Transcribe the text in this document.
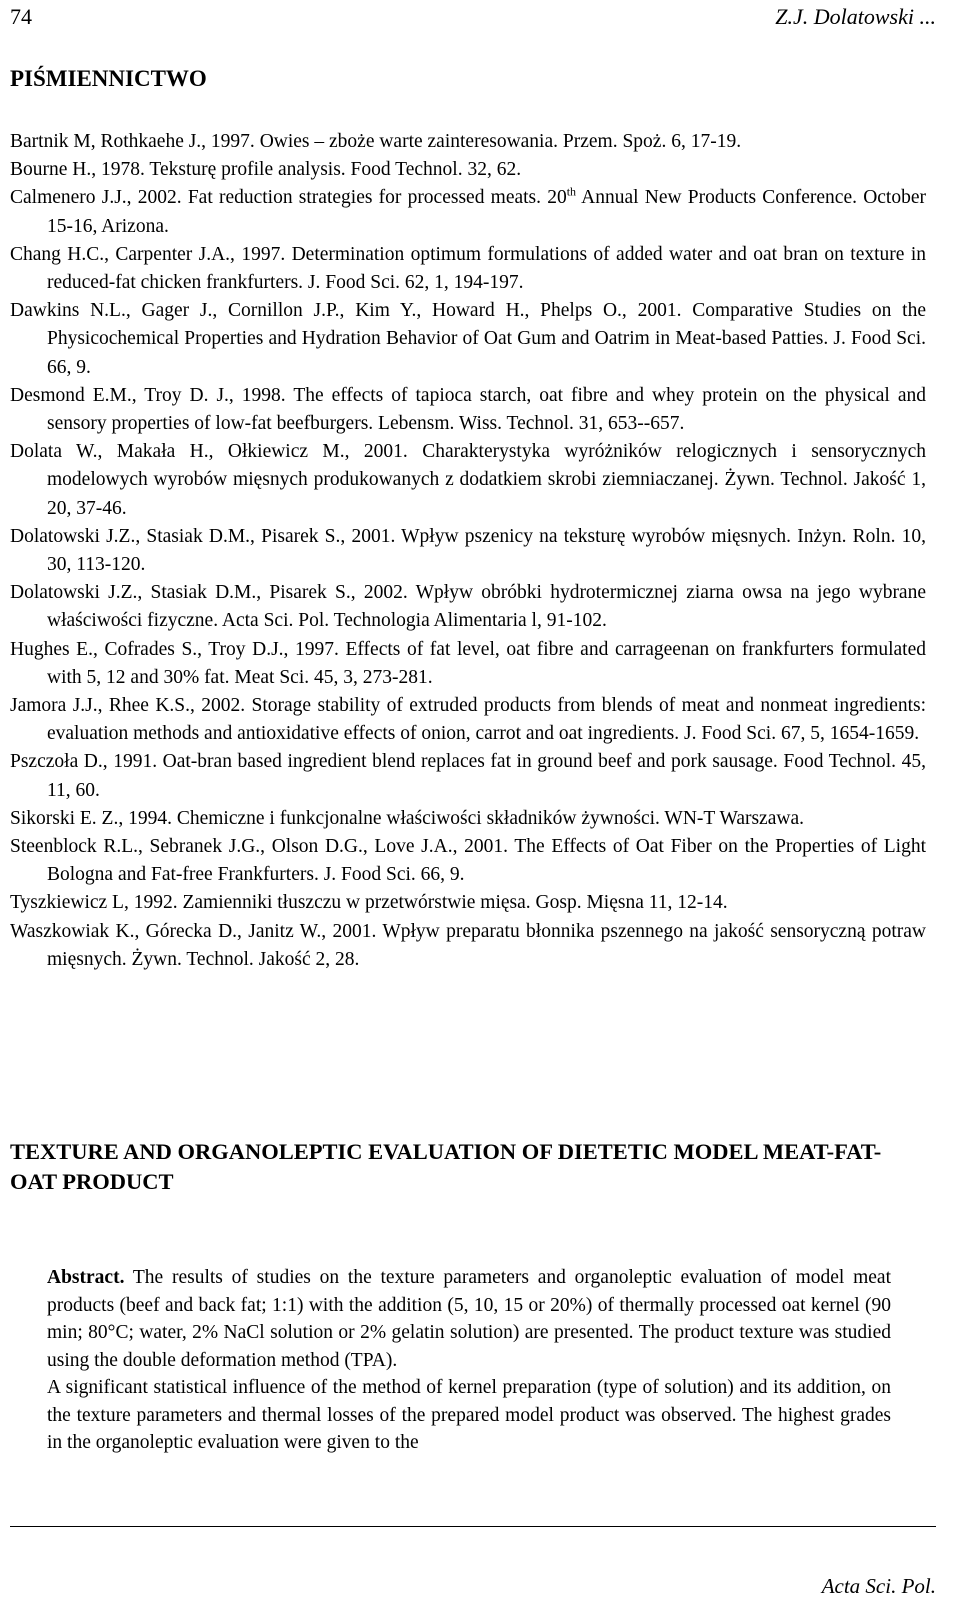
74	Z.J. Dolatowski ...
PIŚMIENNICTWO

Bartnik M, Rothkaehe J., 1997. Owies – zboże warte zainteresowania. Przem. Spoż. 6, 17-19.

Bourne H., 1978. Teksturę profile analysis. Food Technol. 32, 62.

Calmenero J.J., 2002. Fat reduction strategies for processed meats. 20th Annual New Products Conference. October 15-16, Arizona.

Chang H.C., Carpenter J.A., 1997. Determination optimum formulations of added water and oat bran on texture in reduced-fat chicken frankfurters. J. Food Sci. 62, 1, 194-197.

Dawkins N.L., Gager J., Cornillon J.P., Kim Y., Howard H., Phelps O., 2001. Comparative Studies on the Physicochemical Properties and Hydration Behavior of Oat Gum and Oatrim in Meat-based Patties. J. Food Sci. 66, 9.

Desmond E.M., Troy D. J., 1998. The effects of tapioca starch, oat fibre and whey protein on the physical and sensory properties of low-fat beefburgers. Lebensm. Wiss. Technol. 31, 653--657.

Dolata W., Makała H., Ołkiewicz M., 2001. Charakterystyka wyróżników relogicznych i sensorycznych modelowych wyrobów mięsnych produkowanych z dodatkiem skrobi ziemniaczanej. Żywn. Technol. Jakość 1, 20, 37-46.

Dolatowski J.Z., Stasiak D.M., Pisarek S., 2001. Wpływ pszenicy na teksturę wyrobów mięsnych. Inżyn. Roln. 10, 30, 113-120.

Dolatowski J.Z., Stasiak D.M., Pisarek S., 2002. Wpływ obróbki hydrotermicznej ziarna owsa na jego wybrane właściwości fizyczne. Acta Sci. Pol. Technologia Alimentaria l, 91-102.

Hughes E., Cofrades S., Troy D.J., 1997. Effects of fat level, oat fibre and carrageenan on frankfurters formulated with 5, 12 and 30% fat. Meat Sci. 45, 3, 273-281.

Jamora J.J., Rhee K.S., 2002. Storage stability of extruded products from blends of meat and nonmeat ingredients: evaluation methods and antioxidative effects of onion, carrot and oat ingredients. J. Food Sci. 67, 5, 1654-1659.

Pszczoła D., 1991. Oat-bran based ingredient blend replaces fat in ground beef and pork sausage. Food Technol. 45, 11, 60.

Sikorski E. Z., 1994. Chemiczne i funkcjonalne właściwości składników żywności. WN-T Warszawa.

Steenblock R.L., Sebranek J.G., Olson D.G., Love J.A., 2001. The Effects of Oat Fiber on the Properties of Light Bologna and Fat-free Frankfurters. J. Food Sci. 66, 9.

Tyszkiewicz L, 1992. Zamienniki tłuszczu w przetwórstwie mięsa. Gosp. Mięsna 11, 12-14.

Waszkowiak K., Górecka D., Janitz W., 2001. Wpływ preparatu błonnika pszennego na jakość sensoryczną potraw mięsnych. Żywn. Technol. Jakość 2, 28.

TEXTURE AND ORGANOLEPTIC EVALUATION OF DIETETIC MODEL MEAT-FAT-OAT PRODUCT

Abstract. The results of studies on the texture parameters and organoleptic evaluation of model meat products (beef and back fat; 1:1) with the addition (5, 10, 15 or 20%) of thermally processed oat kernel (90 min; 80°C; water, 2% NaCl solution or 2% gelatin solution) are presented. The product texture was studied using the double deformation method (TPA).

A significant statistical influence of the method of kernel preparation (type of solution) and its addition, on the texture parameters and thermal losses of the prepared model product was observed. The highest grades in the organoleptic evaluation were given to the

Acta Sci. Pol.
